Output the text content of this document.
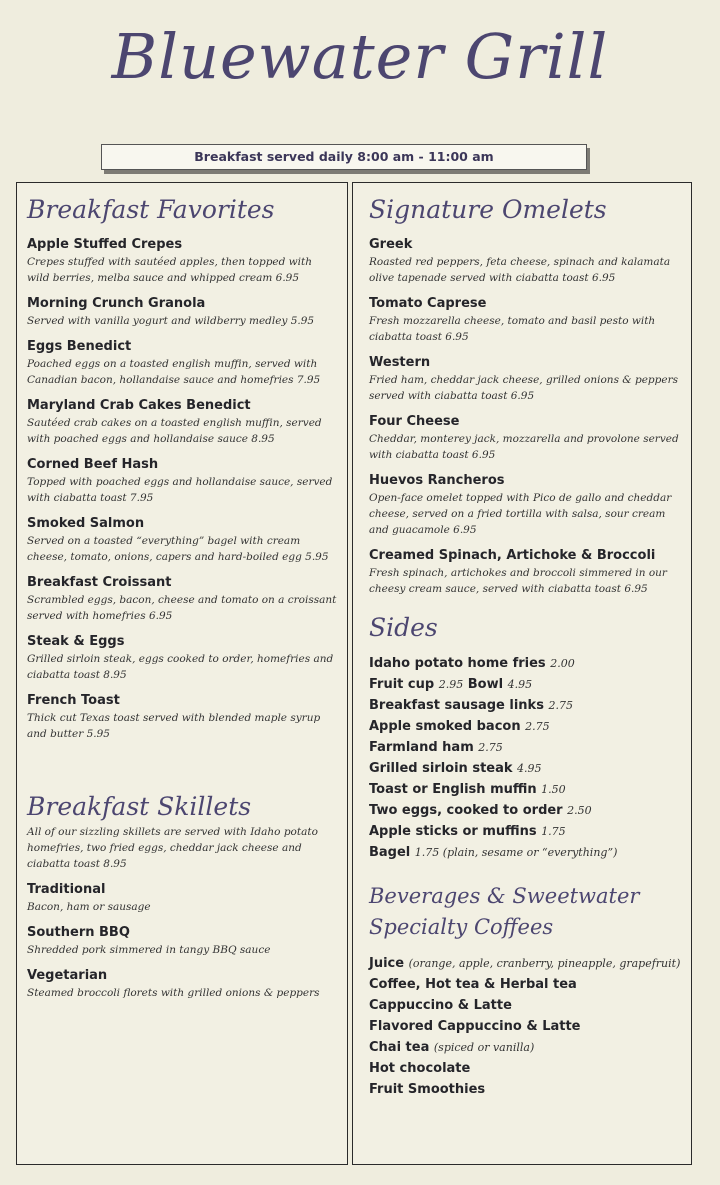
Bluewater Grill
Breakfast served daily 8:00 am - 11:00 am
Breakfast Favorites
Apple Stuffed Crepes
Crepes stuffed with sautéed apples, then topped with wild berries, melba sauce and whipped cream 6.95
Morning Crunch Granola
Served with vanilla yogurt and wildberry medley 5.95
Eggs Benedict
Poached eggs on a toasted english muffin, served with Canadian bacon, hollandaise sauce and homefries 7.95
Maryland Crab Cakes Benedict
Sautéed crab cakes on a toasted english muffin, served with poached eggs and hollandaise sauce 8.95
Corned Beef Hash
Topped with poached eggs and hollandaise sauce, served with ciabatta toast 7.95
Smoked Salmon
Served on a toasted “everything” bagel with cream cheese, tomato, onions, capers and hard-boiled egg 5.95
Breakfast Croissant
Scrambled eggs, bacon, cheese and tomato on a croissant served with homefries 6.95
Steak & Eggs
Grilled sirloin steak, eggs cooked to order, homefries and ciabatta toast 8.95
French Toast
Thick cut Texas toast served with blended maple syrup and butter 5.95
Breakfast Skillets
All of our sizzling skillets are served with Idaho potato homefries, two fried eggs, cheddar jack cheese and ciabatta toast 8.95
Traditional
Bacon, ham or sausage
Southern BBQ
Shredded pork simmered in tangy BBQ sauce
Vegetarian
Steamed broccoli florets with grilled onions & peppers
Signature Omelets
Greek
Roasted red peppers, feta cheese, spinach and kalamata olive tapenade served with ciabatta toast 6.95
Tomato Caprese
Fresh mozzarella cheese, tomato and basil pesto with ciabatta toast 6.95
Western
Fried ham, cheddar jack cheese, grilled onions & peppers served with ciabatta toast 6.95
Four Cheese
Cheddar, monterey jack, mozzarella and provolone served with ciabatta toast 6.95
Huevos Rancheros
Open-face omelet topped with Pico de gallo and cheddar cheese, served on a fried tortilla with salsa, sour cream and guacamole 6.95
Creamed Spinach, Artichoke & Broccoli
Fresh spinach, artichokes and broccoli simmered in our cheesy cream sauce, served with ciabatta toast 6.95
Sides
Idaho potato home fries 2.00
Fruit cup 2.95 Bowl 4.95
Breakfast sausage links 2.75
Apple smoked bacon 2.75
Farmland ham 2.75
Grilled sirloin steak 4.95
Toast or English muffin 1.50
Two eggs, cooked to order 2.50
Apple sticks or muffins 1.75
Bagel 1.75 (plain, sesame or “everything”)
Beverages & Sweetwater
Specialty Coffees
Juice (orange, apple, cranberry, pineapple, grapefruit)
Coffee, Hot tea & Herbal tea
Cappuccino & Latte
Flavored Cappuccino & Latte
Chai tea (spiced or vanilla)
Hot chocolate
Fruit Smoothies
